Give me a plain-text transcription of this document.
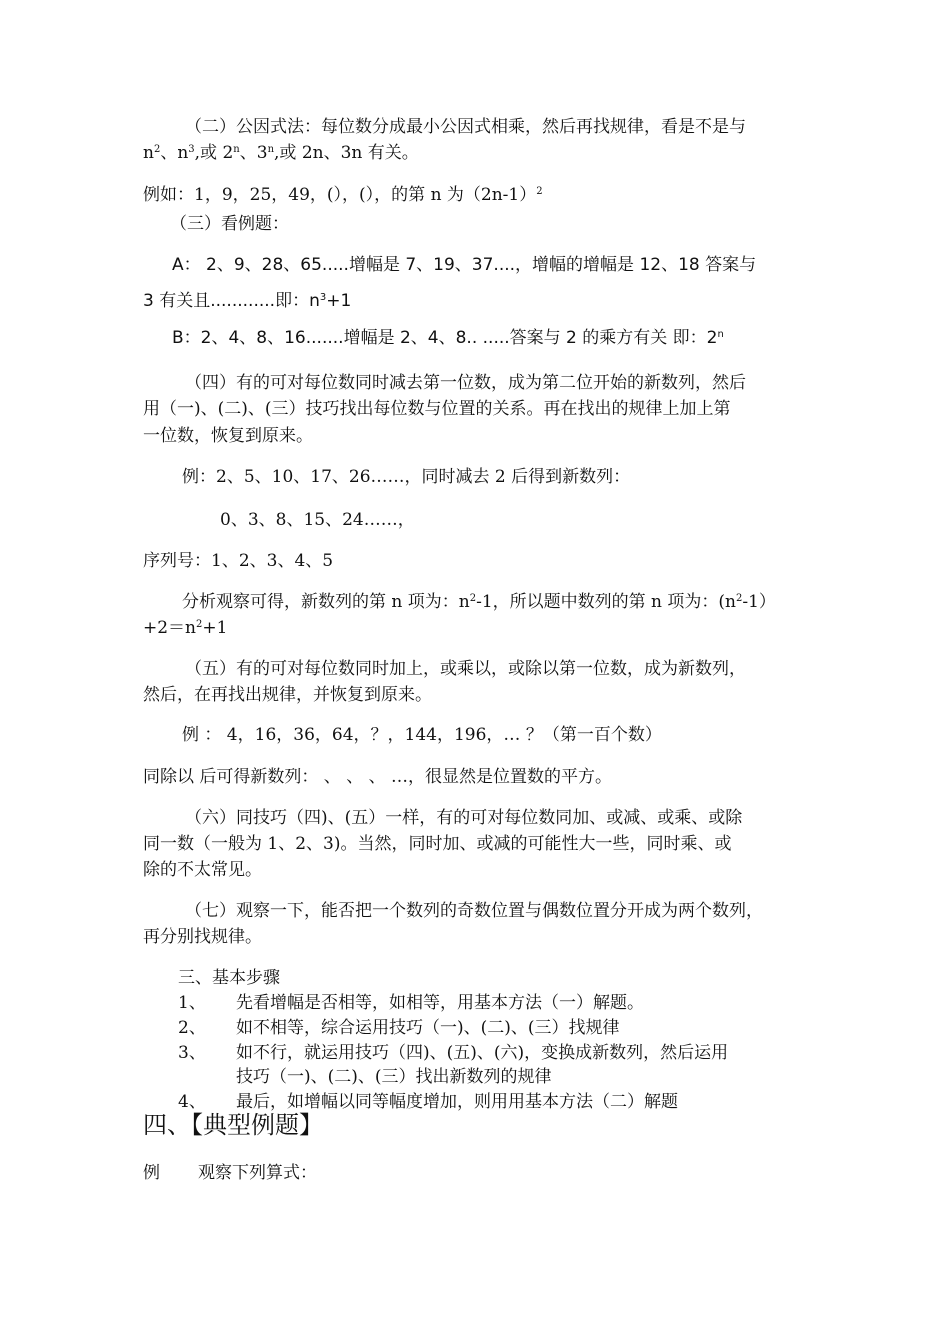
（二）公因式法：每位数分成最小公因式相乘，然后再找规律，看是不是与
$n^2$、$n^3$,或 2$^n$、3$^n$,或 2n、3n 有关。
例如：1，9，25，49，(），(），的第 n 为$(2n-1)^2$
（三）看例题：
A： 2、9、28、65.....增幅是 7、19、37....，增幅的增幅是 12、18 答案与
3 有关且............即：$n^3+1$
B：2、4、8、16.......增幅是 2、4、8.. .....答案与 2 的乘方有关 即：2$^n$
（四）有的可对每位数同时减去第一位数，成为第二位开始的新数列，然后
用（一)、(二)、(三）技巧找出每位数与位置的关系。再在找出的规律上加上第
一位数，恢复到原来。
例：2、5、10、17、26……，同时减去 2 后得到新数列：
0、3、8、15、24……，
序列号：1、2、3、4、5
分析观察可得，新数列的第 n 项为：$n^2-1$，所以题中数列的第 n 项为：$(n^2-1)$
$+2=n^2+1$
（五）有的可对每位数同时加上，或乘以，或除以第一位数，成为新数列，
然后，在再找出规律，并恢复到原来。
例 ： 4，16，36，64，？，144，196，… ？（第一百个数）
同除以 后可得新数列： 、 、 、 …，很显然是位置数的平方。
（六）同技巧（四)、(五）一样，有的可对每位数同加、或减、或乘、或除
同一数（一般为 1、2、3)。当然，同时加、或减的可能性大一些，同时乘、或
除的不太常见。
（七）观察一下，能否把一个数列的奇数位置与偶数位置分开成为两个数列，
再分别找规律。
三、基本步骤
1、 先看增幅是否相等，如相等，用基本方法（一）解题。
2、 如不相等，综合运用技巧（一)、(二)、(三）找规律
3、 如不行，就运用技巧（四)、(五)、(六)，变换成新数列，然后运用
技巧（一)、(二)、(三）找出新数列的规律
4、 最后，如增幅以同等幅度增加，则用用基本方法（二）解题
四、【典型例题】
例 观察下列算式：
